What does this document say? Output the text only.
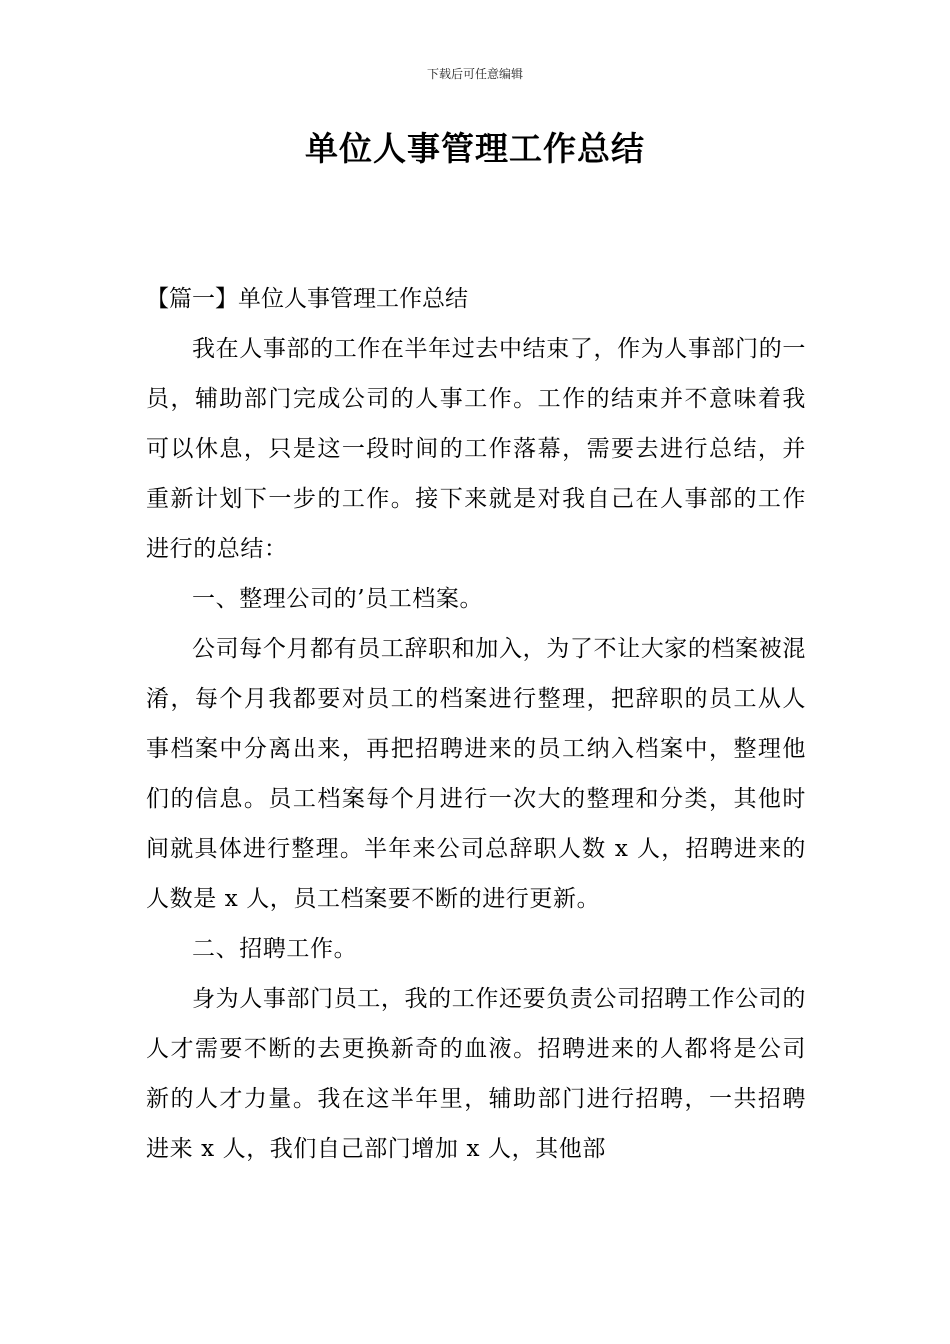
下载后可任意编辑
单位人事管理工作总结

【篇一】单位人事管理工作总结

我在人事部的工作在半年过去中结束了，作为人事部门的一员，辅助部门完成公司的人事工作。工作的结束并不意味着我可以休息，只是这一段时间的工作落幕，需要去进行总结，并重新计划下一步的工作。接下来就是对我自己在人事部的工作进行的总结：

一、整理公司的’员工档案。

公司每个月都有员工辞职和加入，为了不让大家的档案被混淆，每个月我都要对员工的档案进行整理，把辞职的员工从人事档案中分离出来，再把招聘进来的员工纳入档案中，整理他们的信息。员工档案每个月进行一次大的整理和分类，其他时间就具体进行整理。半年来公司总辞职人数 x 人，招聘进来的人数是 x 人，员工档案要不断的进行更新。

二、招聘工作。

身为人事部门员工，我的工作还要负责公司招聘工作公司的人才需要不断的去更换新奇的血液。招聘进来的人都将是公司新的人才力量。我在这半年里，辅助部门进行招聘，一共招聘进来 x 人，我们自己部门增加 x 人，其他部
